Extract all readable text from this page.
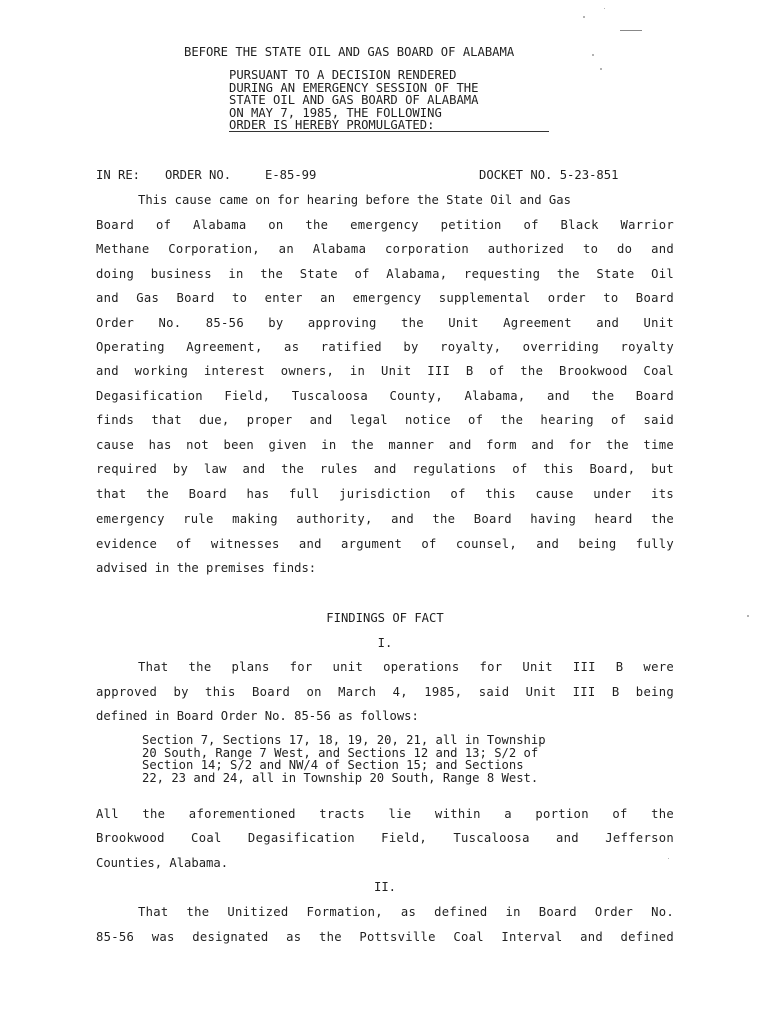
BEFORE THE STATE OIL AND GAS BOARD OF ALABAMA
PURSUANT TO A DECISION RENDERED
DURING AN EMERGENCY SESSION OF THE
STATE OIL AND GAS BOARD OF ALABAMA
ON MAY 7, 1985, THE FOLLOWING
ORDER IS HEREBY PROMULGATED:
IN RE: ORDER NO.	E-85-99	DOCKET NO. 5-23-851
This cause came on for hearing before the State Oil and Gas
Board of Alabama on the emergency petition of Black Warrior
Methane Corporation, an Alabama corporation authorized to do and
doing business in the State of Alabama, requesting the State Oil
and Gas Board to enter an emergency supplemental order to Board
Order No. 85-56 by approving the Unit Agreement and Unit
Operating Agreement, as ratified by royalty, overriding royalty
and working interest owners, in Unit III B of the Brookwood Coal
Degasification Field, Tuscaloosa County, Alabama, and the Board
finds that due, proper and legal notice of the hearing of said
cause has not been given in the manner and form and for the time
required by law and the rules and regulations of this Board, but
that the Board has full jurisdiction of this cause under its
emergency rule making authority, and the Board having heard the
evidence of witnesses and argument of counsel, and being fully
advised in the premises finds:
FINDINGS OF FACT
I.
That the plans for unit operations for Unit III B were
approved by this Board on March 4, 1985, said Unit III B being
defined in Board Order No. 85-56 as follows:
Section 7, Sections 17, 18, 19, 20, 21, all in Township
20 South, Range 7 West, and Sections 12 and 13; S/2 of
Section 14; S/2 and NW/4 of Section 15; and Sections
22, 23 and 24, all in Township 20 South, Range 8 West.
All the aforementioned tracts lie within a portion of the
Brookwood Coal Degasification Field, Tuscaloosa and Jefferson
Counties, Alabama.
II.
That the Unitized Formation, as defined in Board Order No.
85-56 was designated as the Pottsville Coal Interval and defined
